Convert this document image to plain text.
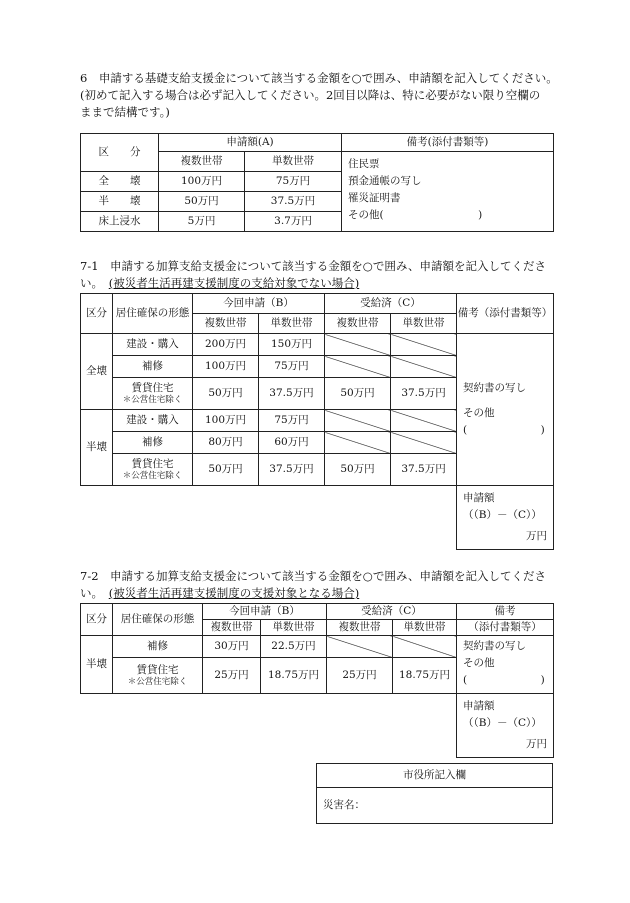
6　申請する基礎支給支援金について該当する金額を○で囲み、申請額を記入してください。
(初めて記入する場合は必ず記入してください。2回目以降は、特に必要がない限り空欄の
ままで結構です。)
区　　分	申請額(A)		備考(添付書類等)
	複数世帯	単数世帯	住民票
預金通帳の写し
罹災証明書
その他(　　　　　　　　　)

全　　壊	100万円	75万円	
半　　壊	50万円	37.5万円	
床上浸水	5万円	3.7万円	
7-1　申請する加算支給支援金について該当する金額を○で囲み、申請額を記入してくださ
い。　 (被災者生活再建支援制度の支給対象でない場合)
区分	居住確保の形態	今回申請（B）		受給済（C）		備考（添付書類等）
		複数世帯	単数世帯	複数世帯	単数世帯	
全壊	建設・購入	200万円	150万円			契約書の写し
その他
(　　　　　　　)

	補修	100万円	75万円			
	賃貸住宅
＊公営住宅除く	50万円	37.5万円	50万円	37.5万円	
半壊	建設・購入	100万円	75万円			
	補修	80万円	60万円			
	賃貸住宅
＊公営住宅除く	50万円	37.5万円	50万円	37.5万円	

						申請額
（（B）－（C））
万円
7-2　申請する加算支給支援金について該当する金額を○で囲み、申請額を記入してくださ
い。　 (被災者生活再建支援制度の支援対象となる場合)
区分	居住確保の形態	今回申請（B）		受給済（C）		備考
		複数世帯	単数世帯	複数世帯	単数世帯	（添付書類等）
半壊	補修	30万円	22.5万円			契約書の写し
その他
(　　　　　　　)

	賃貸住宅
＊公営住宅除く	25万円	18.75万円	25万円	18.75万円	

						申請額
（（B）－（C））
万円
市役所記入欄
災害名：
